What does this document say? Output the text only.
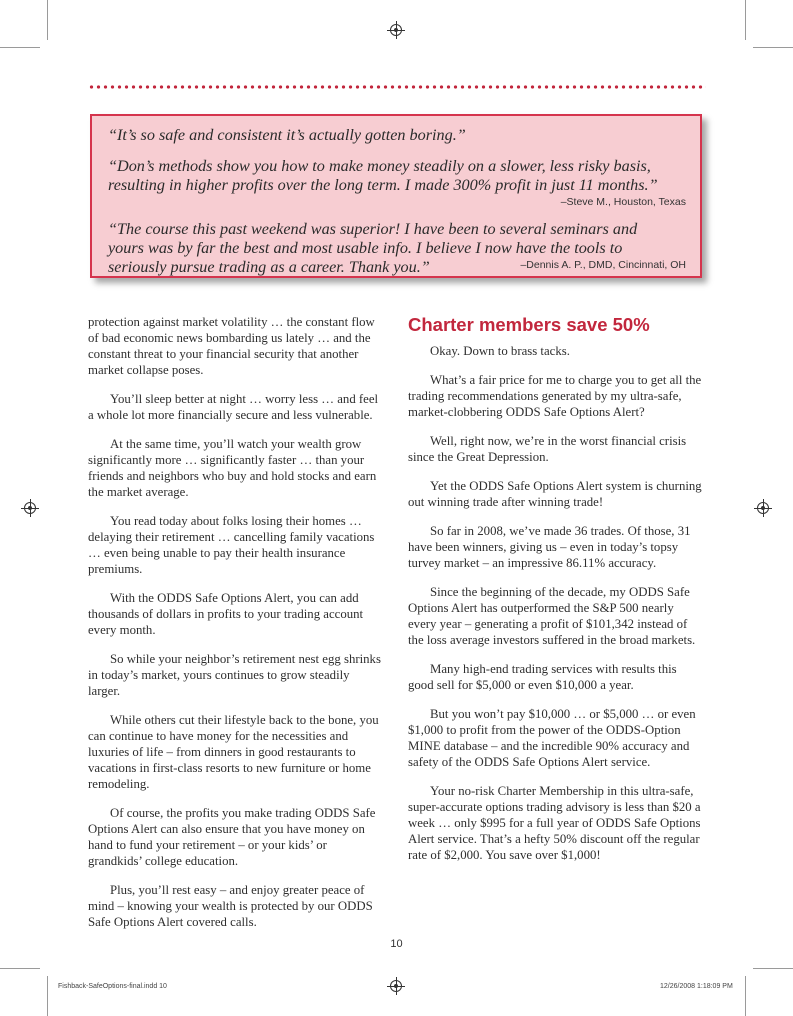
“It’s so safe and consistent it’s actually gotten boring.”

“Don’s methods show you how to make money steadily on a slower, less risky basis, resulting in higher profits over the long term. I made 300% profit in just 11 months.”

–Steve M., Houston, Texas

“The course this past weekend was superior! I have been to several seminars and yours was by far the best and most usable info. I believe I now have the tools to seriously pursue trading as a career. Thank you.”	–Dennis A. P., DMD, Cincinnati, OH

protection against market volatility … the constant flow of bad economic news bombarding us lately … and the constant threat to your financial security that another market collapse poses.

You’ll sleep better at night … worry less … and feel a whole lot more financially secure and less vulnerable.

At the same time, you’ll watch your wealth grow significantly more … significantly faster … than your friends and neighbors who buy and hold stocks and earn the market average.

You read today about folks losing their homes … delaying their retirement … cancelling family vacations … even being unable to pay their health insurance premiums.

With the ODDS Safe Options Alert, you can add thousands of dollars in profits to your trading account every month.

So while your neighbor’s retirement nest egg shrinks in today’s market, yours continues to grow steadily larger.

While others cut their lifestyle back to the bone, you can continue to have money for the necessities and luxuries of life – from dinners in good restaurants to vacations in first-class resorts to new furniture or home remodeling.

Of course, the profits you make trading ODDS Safe Options Alert can also ensure that you have money on hand to fund your retirement – or your kids’ or grandkids’ college education.

Plus, you’ll rest easy – and enjoy greater peace of mind – knowing your wealth is protected by our ODDS Safe Options Alert covered calls.

Charter members save 50%

Okay. Down to brass tacks.

What’s a fair price for me to charge you to get all the trading recommendations generated by my ultra-safe, market-clobbering ODDS Safe Options Alert?

Well, right now, we’re in the worst financial crisis since the Great Depression.

Yet the ODDS Safe Options Alert system is churning out winning trade after winning trade!

So far in 2008, we’ve made 36 trades. Of those, 31 have been winners, giving us – even in today’s topsy turvey market – an impressive 86.11% accuracy.

Since the beginning of the decade, my ODDS Safe Options Alert has outperformed the S&P 500 nearly every year – generating a profit of $101,342 instead of the loss average investors suffered in the broad markets.

Many high-end trading services with results this good sell for $5,000 or even $10,000 a year.

But you won’t pay $10,000 … or $5,000 … or even $1,000 to profit from the power of the ODDS-Option MINE database – and the incredible 90% accuracy and safety of the ODDS Safe Options Alert service.

Your no-risk Charter Membership in this ultra-safe, super-accurate options trading advisory is less than $20 a week … only $995 for a full year of ODDS Safe Options Alert service. That’s a hefty 50% discount off the regular rate of $2,000. You save over $1,000!

10
Fishback-SafeOptions-final.indd 10	12/26/2008 1:18:09 PM
